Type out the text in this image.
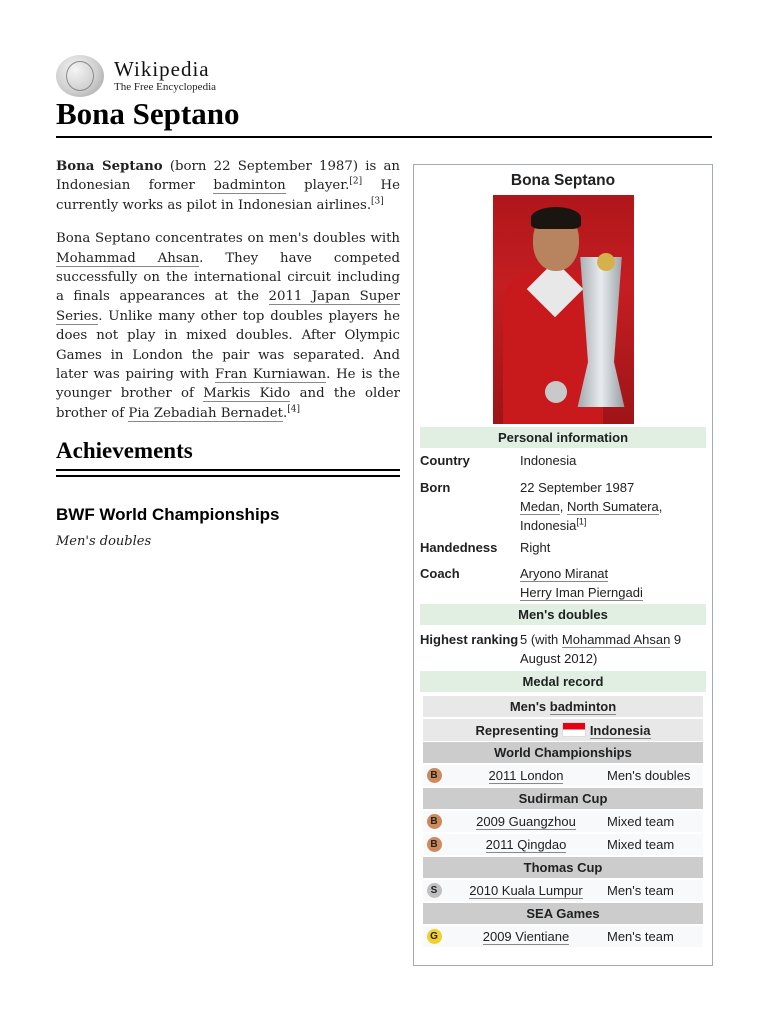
Wikipedia
The Free Encyclopedia
Bona Septano

Bona Septano (born 22 September 1987) is an Indonesian former badminton player.[2] He currently works as pilot in Indonesian airlines.[3]

Bona Septano concentrates on men's doubles with Mohammad Ahsan. They have competed successfully on the international circuit including a finals appearances at the 2011 Japan Super Series. Unlike many other top doubles players he does not play in mixed doubles. After Olympic Games in London the pair was separated. And later was pairing with Fran Kurniawan. He is the younger brother of Markis Kido and the older brother of Pia Zebadiah Bernadet.[4]

Achievements
BWF World Championships
Men's doubles
Bona Septano
Personal information
Country	Indonesia
Born	22 September 1987
Medan, North Sumatera,
Indonesia[1]
Handedness	Right
Coach	Aryono Miranat
Herry Iman Pierngadi
Men's doubles
Highest ranking 5 (with Mohammad Ahsan 9 August 2012)
Medal record
Men's badminton
Representing  Indonesia
World Championships
B	2011 London	Men's doubles
Sudirman Cup
B	2009 Guangzhou	Mixed team
B	2011 Qingdao	Mixed team
Thomas Cup
S	2010 Kuala Lumpur	Men's team
SEA Games
G	2009 Vientiane	Men's team
